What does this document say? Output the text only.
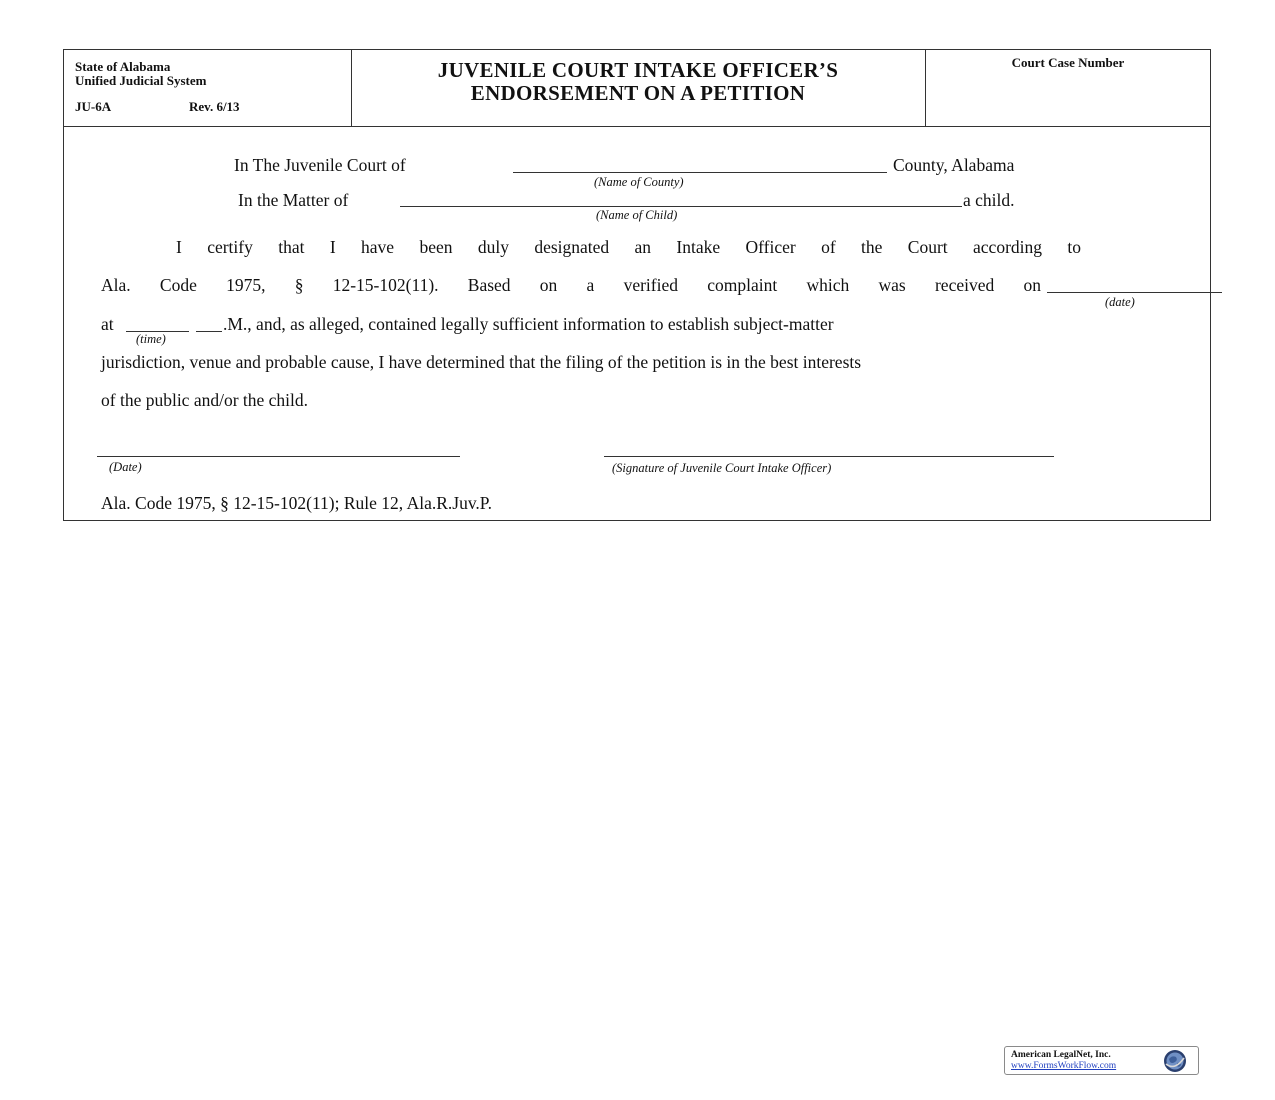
State of Alabama
Unified Judicial System
JU-6A	Rev. 6/13
JUVENILE COURT INTAKE OFFICER’S
ENDORSEMENT ON A PETITION
Court Case Number
In The Juvenile Court of	County, Alabama
(Name of County)
In the Matter of	a child.
(Name of Child)
I certify that I have been duly designated an Intake Officer of the Court according to
Ala. Code 1975, § 12-15-102(11). Based on a verified complaint which was received on
(date)
at	.M., and, as alleged, contained legally sufficient information to establish subject-matter
(time)
jurisdiction, venue and probable cause, I have determined that the filing of the petition is in the best interests
of the public and/or the child.
(Date)	(Signature of Juvenile Court Intake Officer)
Ala. Code 1975, § 12-15-102(11); Rule 12, Ala.R.Juv.P.
American LegalNet, Inc.
www.FormsWorkFlow.com
